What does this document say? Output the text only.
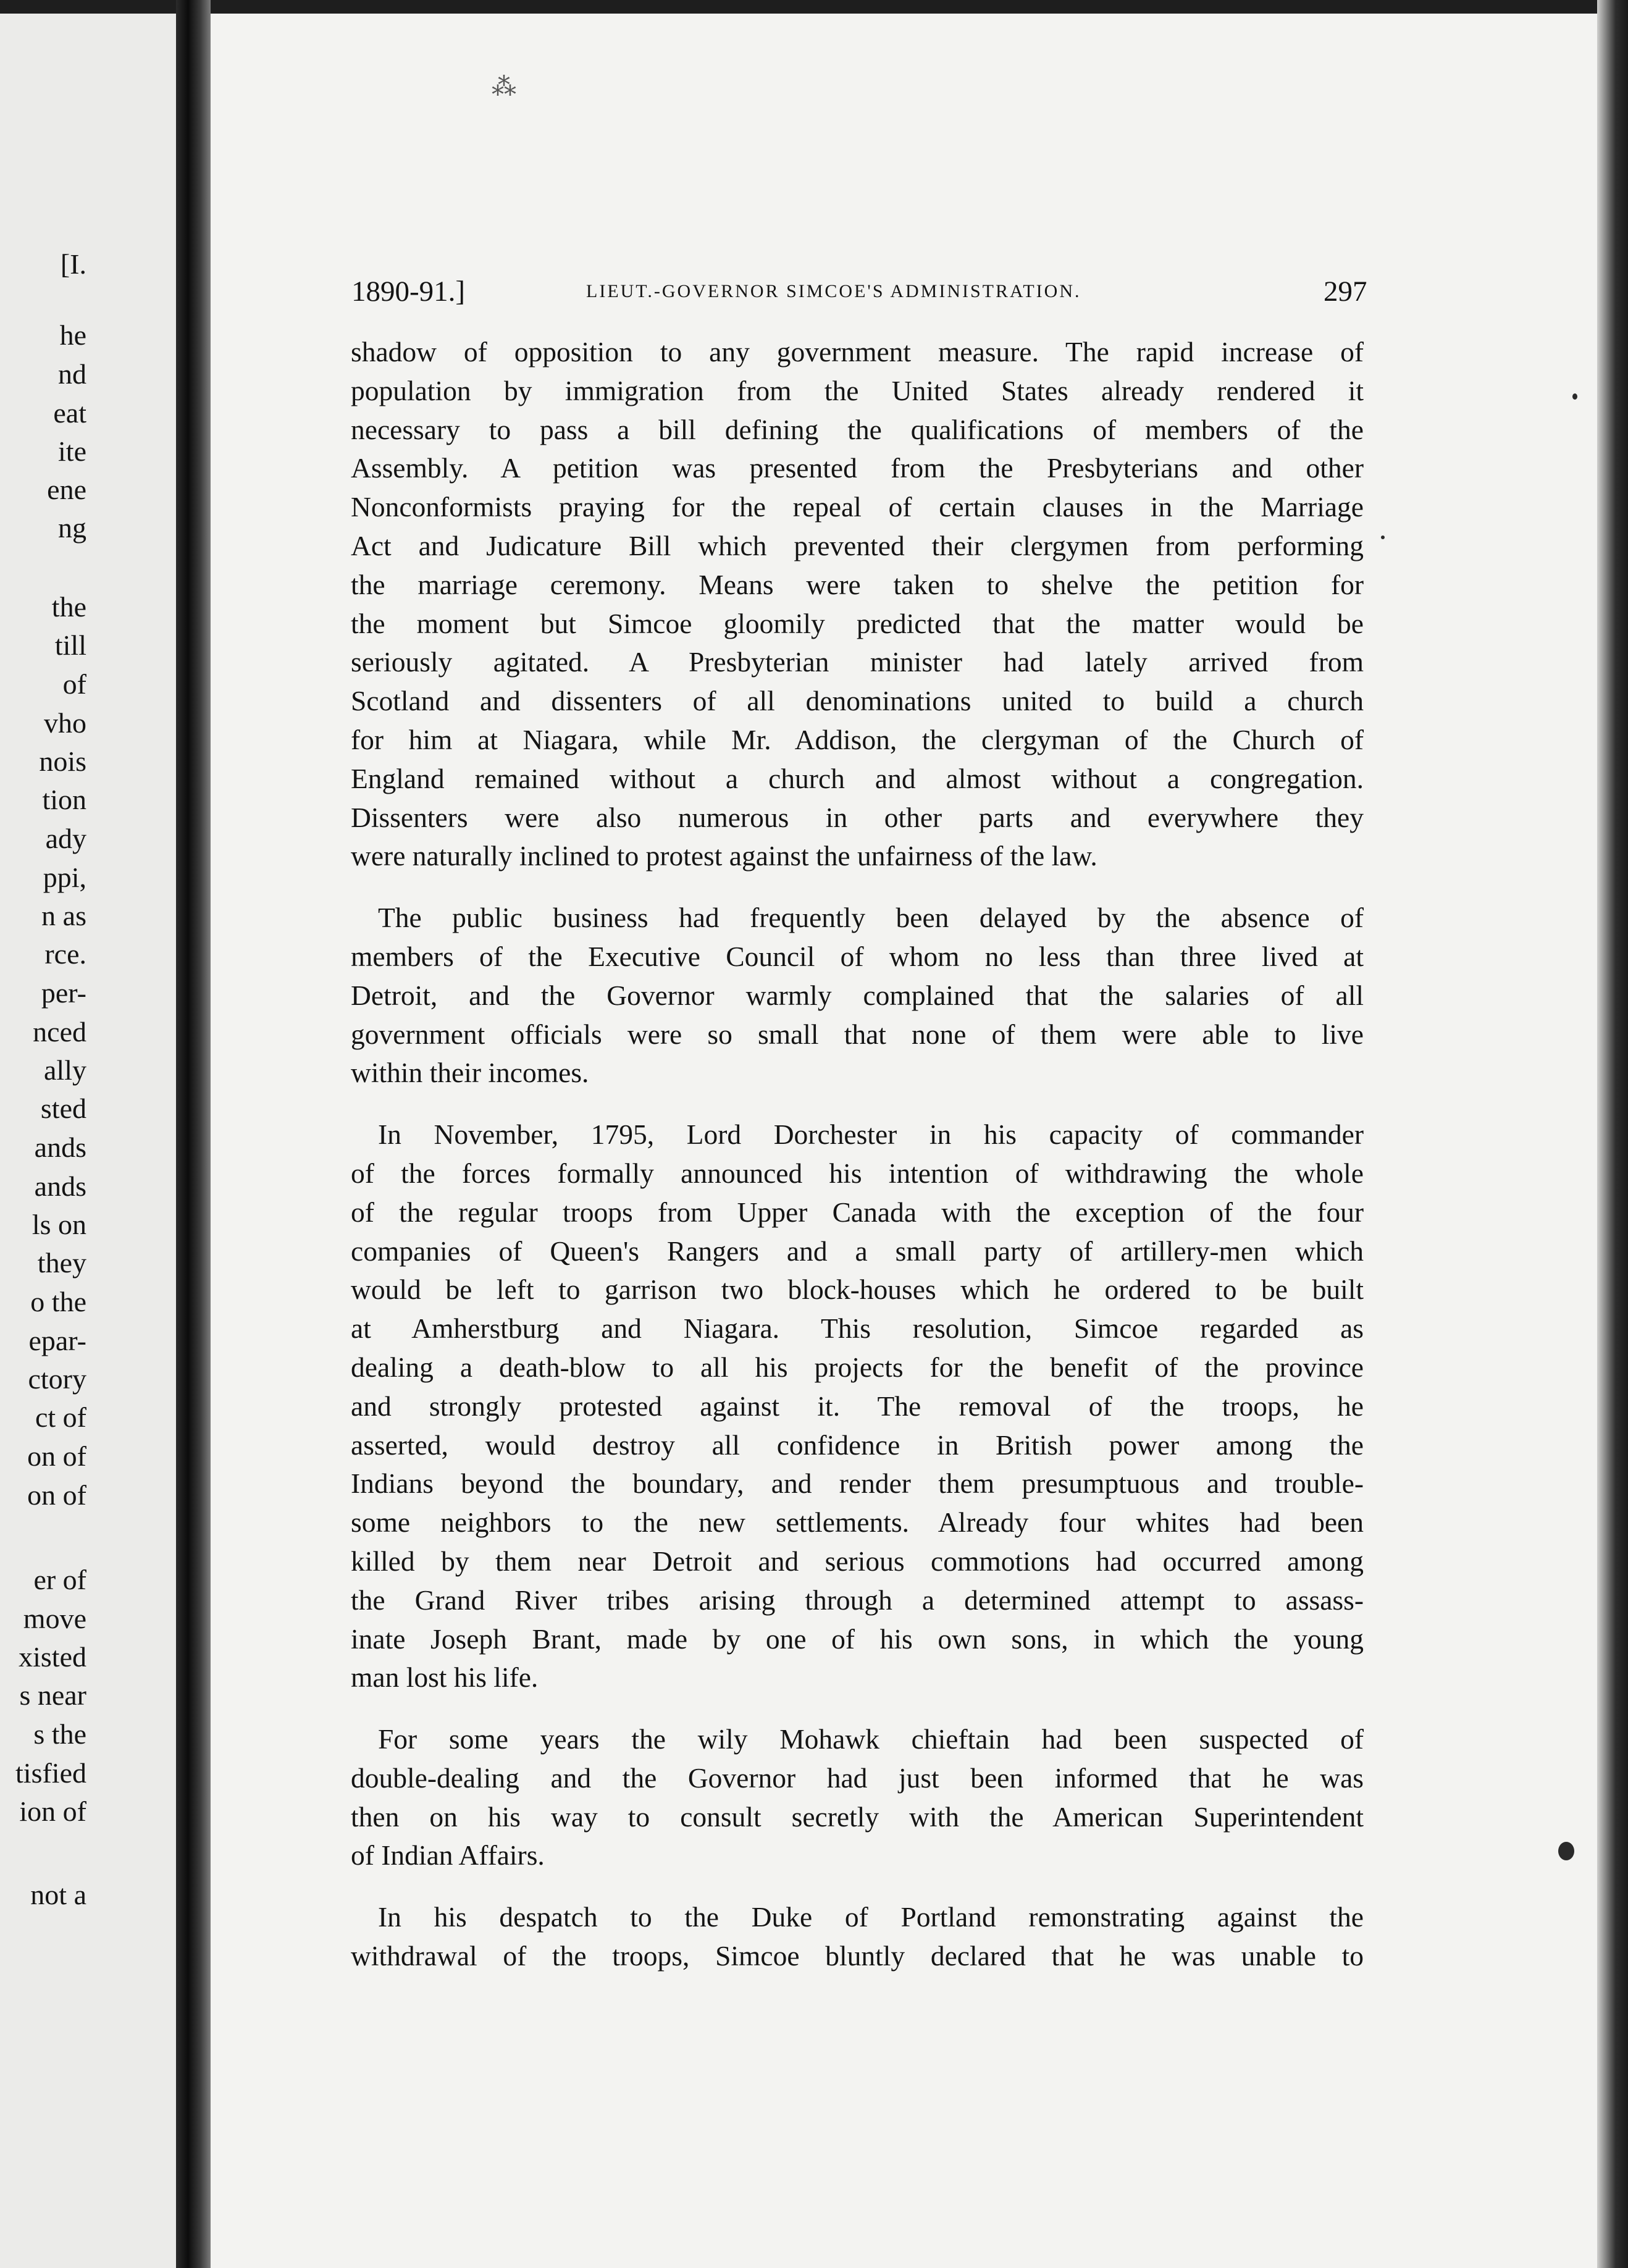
[I.
he
nd
eat
ite
ene
ng
the
till
of
vho
nois
tion
ady
ppi,
n as
rce.
per-
nced
ally
sted
ands
ands
ls on
they
o the
epar-
ctory
ct of
on of
on of
er of
move
xisted
s near
s the
tisfied
ion of
not a
⁂
1890-91.]	LIEUT.-GOVERNOR SIMCOE'S ADMINISTRATION.	297
shadow of opposition to any government measure. The rapid increase of
population by immigration from the United States already rendered it
necessary to pass a bill defining the qualifications of members of the
Assembly. A petition was presented from the Presbyterians and other
Nonconformists praying for the repeal of certain clauses in the Marriage
Act and Judicature Bill which prevented their clergymen from performing
the marriage ceremony. Means were taken to shelve the petition for
the moment but Simcoe gloomily predicted that the matter would be
seriously agitated. A Presbyterian minister had lately arrived from
Scotland and dissenters of all denominations united to build a church
for him at Niagara, while Mr. Addison, the clergyman of the Church of
England remained without a church and almost without a congregation.
Dissenters were also numerous in other parts and everywhere they
were naturally inclined to protest against the unfairness of the law.
The public business had frequently been delayed by the absence of
members of the Executive Council of whom no less than three lived at
Detroit, and the Governor warmly complained that the salaries of all
government officials were so small that none of them were able to live
within their incomes.
In November, 1795, Lord Dorchester in his capacity of commander
of the forces formally announced his intention of withdrawing the whole
of the regular troops from Upper Canada with the exception of the four
companies of Queen's Rangers and a small party of artillery-men which
would be left to garrison two block-houses which he ordered to be built
at Amherstburg and Niagara. This resolution, Simcoe regarded as
dealing a death-blow to all his projects for the benefit of the province
and strongly protested against it. The removal of the troops, he
asserted, would destroy all confidence in British power among the
Indians beyond the boundary, and render them presumptuous and trouble-
some neighbors to the new settlements. Already four whites had been
killed by them near Detroit and serious commotions had occurred among
the Grand River tribes arising through a determined attempt to assass-
inate Joseph Brant, made by one of his own sons, in which the young
man lost his life.
For some years the wily Mohawk chieftain had been suspected of
double-dealing and the Governor had just been informed that he was
then on his way to consult secretly with the American Superintendent
of Indian Affairs.
In his despatch to the Duke of Portland remonstrating against the
withdrawal of the troops, Simcoe bluntly declared that he was unable to
